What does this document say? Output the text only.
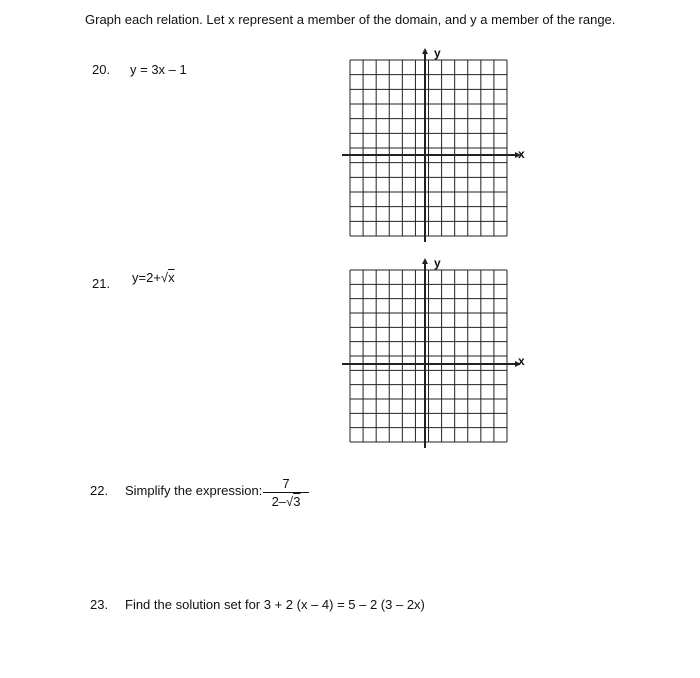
Graph each relation. Let x represent a member of the domain, and y a member of the range.
20. y = 3x – 1
y
x
21. y=2+√x
y
x
22. Simplify the expression:	7
2–√3
23. Find the solution set for 3 + 2 (x – 4) = 5 – 2 (3 – 2x)
